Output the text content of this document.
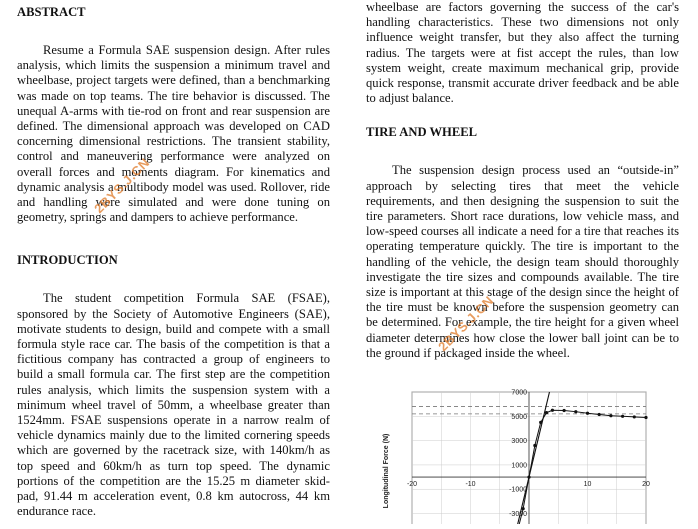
ABSTRACT

Resume a Formula SAE suspension design. After rules analysis, which limits the suspension a minimum travel and wheelbase, project targets were defined, than a benchmarking was made on top teams. The tire behavior is discussed. The unequal A-arms with tie-rod on front and rear suspension are defined. The dimensional approach was developed on CAD concerning dimensional restrictions. The transient stability, control and maneuvering performance were analyzed on overall forces and moments diagram. For kinematics and dynamic analysis a multibody model was used. Rollover, ride and handling were simulated and were done tuning on geometry, springs and dampers to achieve performance.

INTRODUCTION

The student competition Formula SAE (FSAE), sponsored by the Society of Automotive Engineers (SAE), motivate students to design, build and compete with a small formula style race car. The basis of the competition is that a fictitious company has contracted a group of engineers to build a small formula car. The first step are the competition rules analysis, which limits the suspension system with a minimum wheel travel of 50mm, a wheelbase greater than 1524mm. FSAE suspensions operate in a narrow realm of vehicle dynamics mainly due to the limited cornering speeds which are governed by the racetrack size, with 140km/h as top speed and 60km/h as turn top speed. The dynamic portions of the competition are the 15.25 m diameter skid-pad, 91.44 m acceleration event, 0.8 km autocross, 44 km endurance race.

wheelbase are factors governing the success of the car's handling characteristics. These two dimensions not only influence weight transfer, but they also affect the turning radius. The targets were at fist accept the rules, than low system weight, create maximum mechanical grip, provide quick response, transmit accurate driver feedback and be able to adjust balance.

TIRE AND WHEEL

The suspension design process used an “outside-in” approach by selecting tires that meet the vehicle requirements, and then designing the suspension to suit the tire parameters. Short race durations, low vehicle mass, and low-speed courses all indicate a need for a tire that reaches its operating temperature quickly. The tire is important to the handling of the vehicle, the design team should thoroughly investigate the tire sizes and compounds available. The tire size is important at this stage of the design since the height of the tire must be known before the suspension geometry can be determined. For example, the tire height for a given wheel diameter determines how close the lower ball joint can be to the ground if packaged inside the wheel.

2BYS.J.CN
2BYS.J.CN
-20	-10	10	20
7000
5000
3000
1000
-1000
-3000
Longitudinal Force (N)
